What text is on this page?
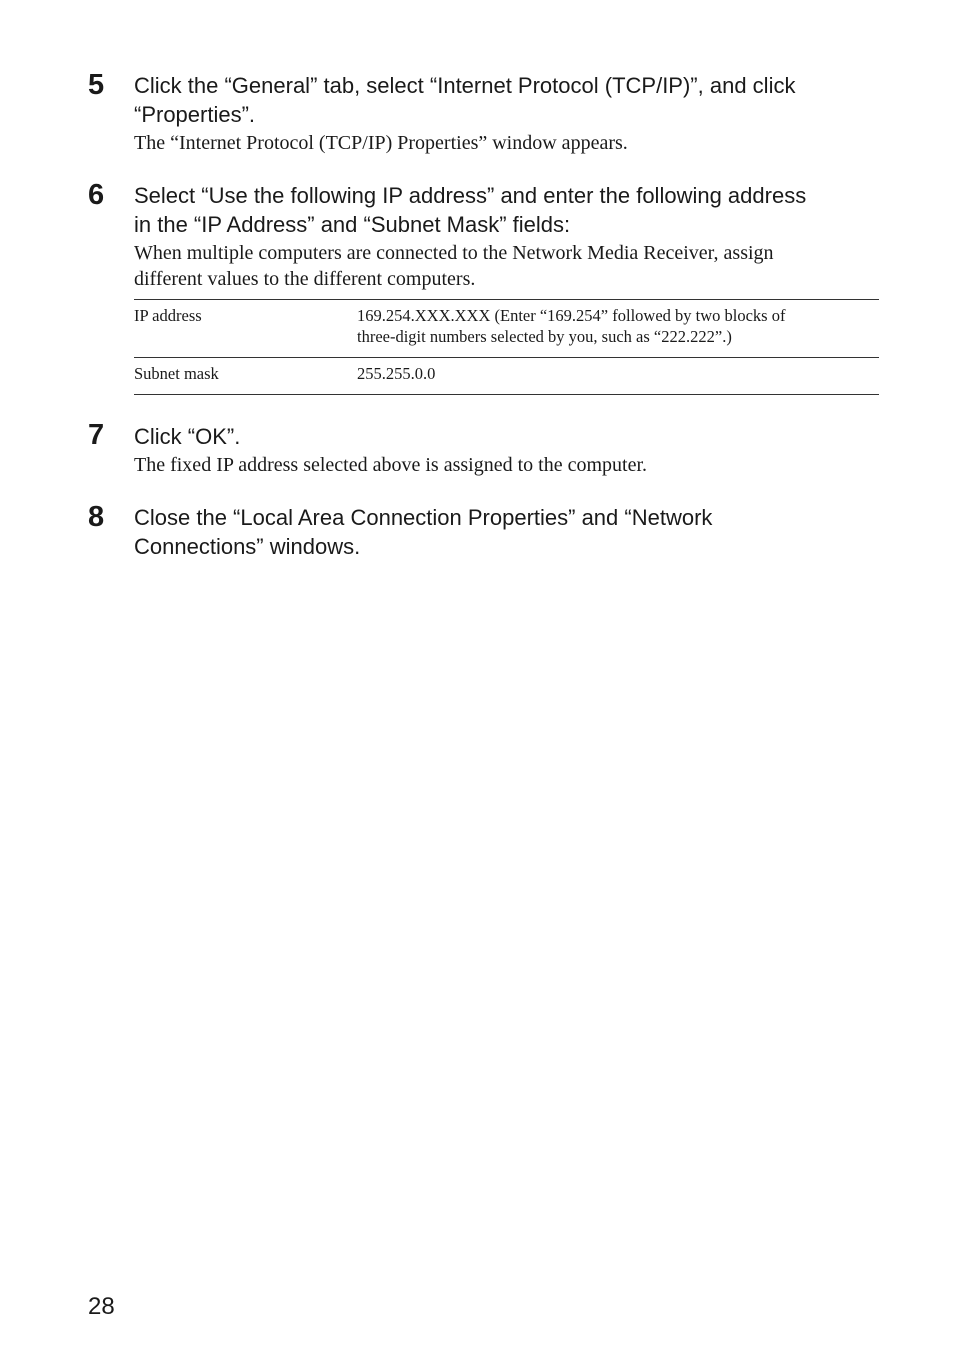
5 Click the “General” tab, select “Internet Protocol (TCP/IP)”, and click
“Properties”.
The “Internet Protocol (TCP/IP) Properties” window appears.
6 Select “Use the following IP address” and enter the following address
in the “IP Address” and “Subnet Mask” fields:
When multiple computers are connected to the Network Media Receiver, assign
different values to the different computers.
IP address	169.254.XXX.XXX (Enter “169.254” followed by two blocks of
three-digit numbers selected by you, such as “222.222”.)

Subnet mask	255.255.0.0
7 Click “OK”.
The fixed IP address selected above is assigned to the computer.
8 Close the “Local Area Connection Properties” and “Network
Connections” windows.
28
